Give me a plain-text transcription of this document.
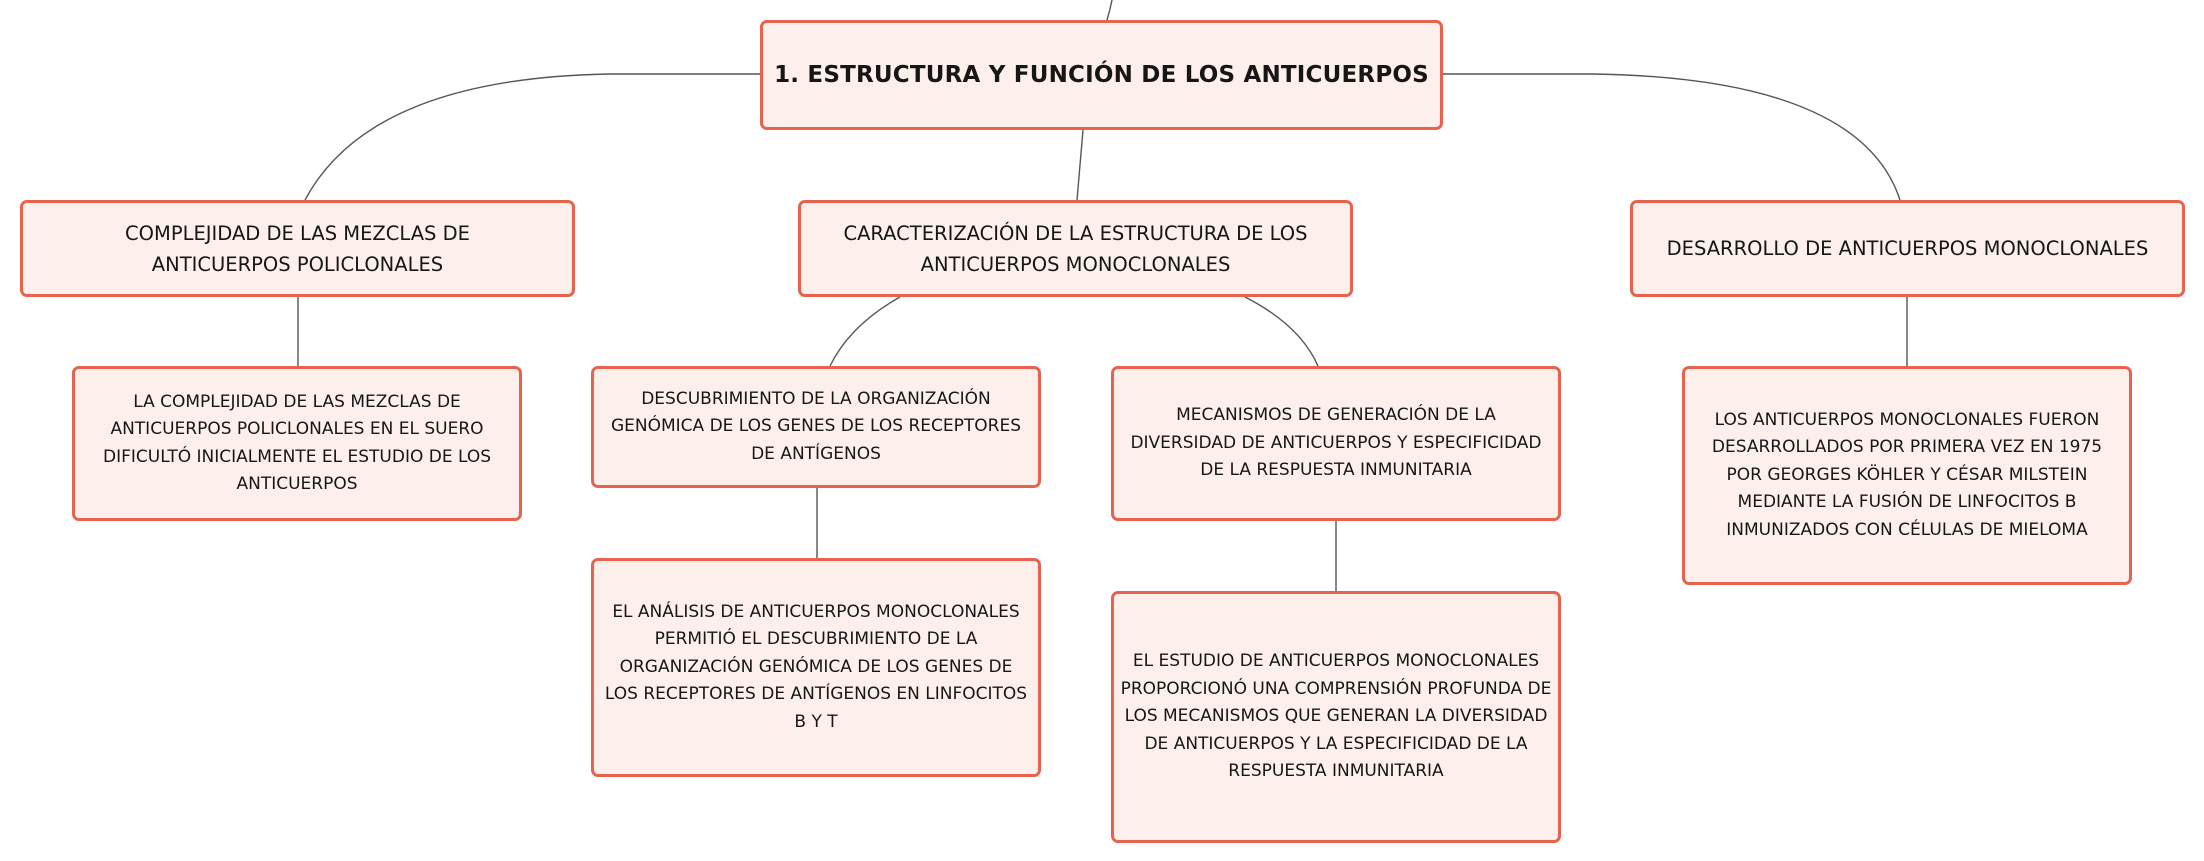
1. ESTRUCTURA Y FUNCIÓN DE LOS ANTICUERPOS
COMPLEJIDAD DE LAS MEZCLAS DE ANTICUERPOS POLICLONALES
CARACTERIZACIÓN DE LA ESTRUCTURA DE LOS ANTICUERPOS MONOCLONALES
DESARROLLO DE ANTICUERPOS MONOCLONALES
LA COMPLEJIDAD DE LAS MEZCLAS DE ANTICUERPOS POLICLONALES EN EL SUERO DIFICULTÓ INICIALMENTE EL ESTUDIO DE LOS ANTICUERPOS
DESCUBRIMIENTO DE LA ORGANIZACIÓN GENÓMICA DE LOS GENES DE LOS RECEPTORES DE ANTÍGENOS
MECANISMOS DE GENERACIÓN DE LA DIVERSIDAD DE ANTICUERPOS Y ESPECIFICIDAD DE LA RESPUESTA INMUNITARIA
LOS ANTICUERPOS MONOCLONALES FUERON DESARROLLADOS POR PRIMERA VEZ EN 1975 POR GEORGES KÖHLER Y CÉSAR MILSTEIN MEDIANTE LA FUSIÓN DE LINFOCITOS B INMUNIZADOS CON CÉLULAS DE MIELOMA
EL ANÁLISIS DE ANTICUERPOS MONOCLONALES PERMITIÓ EL DESCUBRIMIENTO DE LA ORGANIZACIÓN GENÓMICA DE LOS GENES DE LOS RECEPTORES DE ANTÍGENOS EN LINFOCITOS B Y T
EL ESTUDIO DE ANTICUERPOS MONOCLONALES PROPORCIONÓ UNA COMPRENSIÓN PROFUNDA DE LOS MECANISMOS QUE GENERAN LA DIVERSIDAD DE ANTICUERPOS Y LA ESPECIFICIDAD DE LA RESPUESTA INMUNITARIA
